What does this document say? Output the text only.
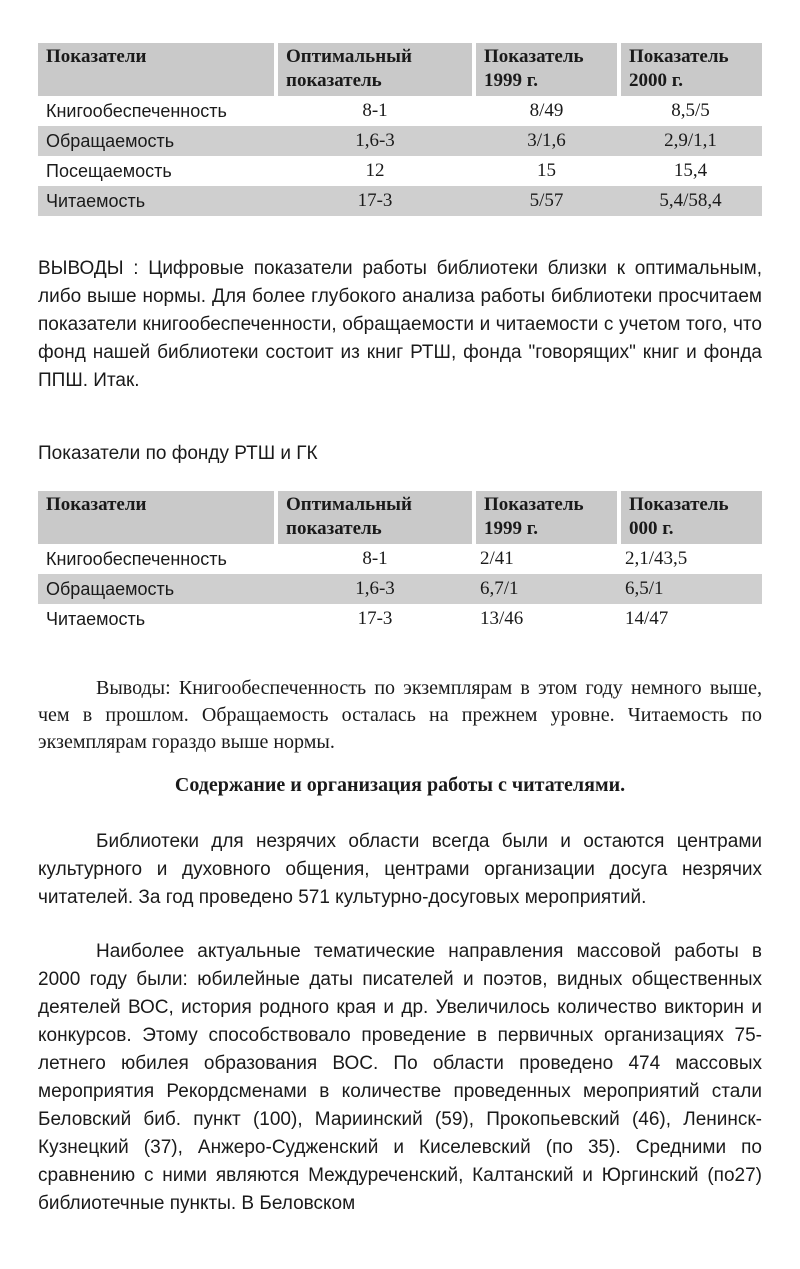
Показатели	Оптимальный показатель	Показатель 1999 г.	Показатель 2000 г.
Книгообеспеченность	8-1	8/49	8,5/5
Обращаемость	1,6-3	3/1,6	2,9/1,1
Посещаемость	12	15	15,4
Читаемость	17-3	5/57	5,4/58,4

ВЫВОДЫ : Цифровые показатели работы библиотеки близки к оптимальным, либо выше нормы. Для более глубокого анализа работы библиотеки просчитаем показатели книгообеспеченности, обращаемости и читаемости с учетом того, что фонд нашей библиотеки состоит из книг РТШ, фонда "говорящих" книг и фонда ППШ. Итак.

Показатели по фонду РТШ и ГК

Показатели	Оптимальный показатель	Показатель 1999 г.	Показатель 000 г.
Книгообеспеченность	8-1	2/41	2,1/43,5
Обращаемость	1,6-3	6,7/1	6,5/1
Читаемость	17-3	13/46	14/47

Выводы: Книгообеспеченность по экземплярам в этом году немного выше, чем в прошлом. Обращаемость осталась на прежнем уровне. Читаемость по экземплярам гораздо выше нормы.

Содержание и организация работы с читателями.

Библиотеки для незрячих области всегда были и остаются центрами культурного и духовного общения, центрами организации досуга незрячих читателей. За год проведено 571 культурно-досуговых мероприятий.

Наиболее актуальные тематические направления массовой работы в 2000 году были: юбилейные даты писателей и поэтов, видных общественных деятелей ВОС, история родного края и др. Увеличилось количество викторин и конкурсов. Этому способствовало проведение в первичных организациях 75-летнего юбилея образования ВОС. По области проведено 474 массовых мероприятия Рекордсменами в количестве проведенных мероприятий стали Беловский биб. пункт (100), Мариинский (59), Прокопьевский (46), Ленинск-Кузнецкий (37), Анжеро-Судженский и Киселевский (по 35). Средними по сравнению с ними являются Междуреченский, Калтанский и Юргинский (по27) библиотечные пункты. В Беловском
